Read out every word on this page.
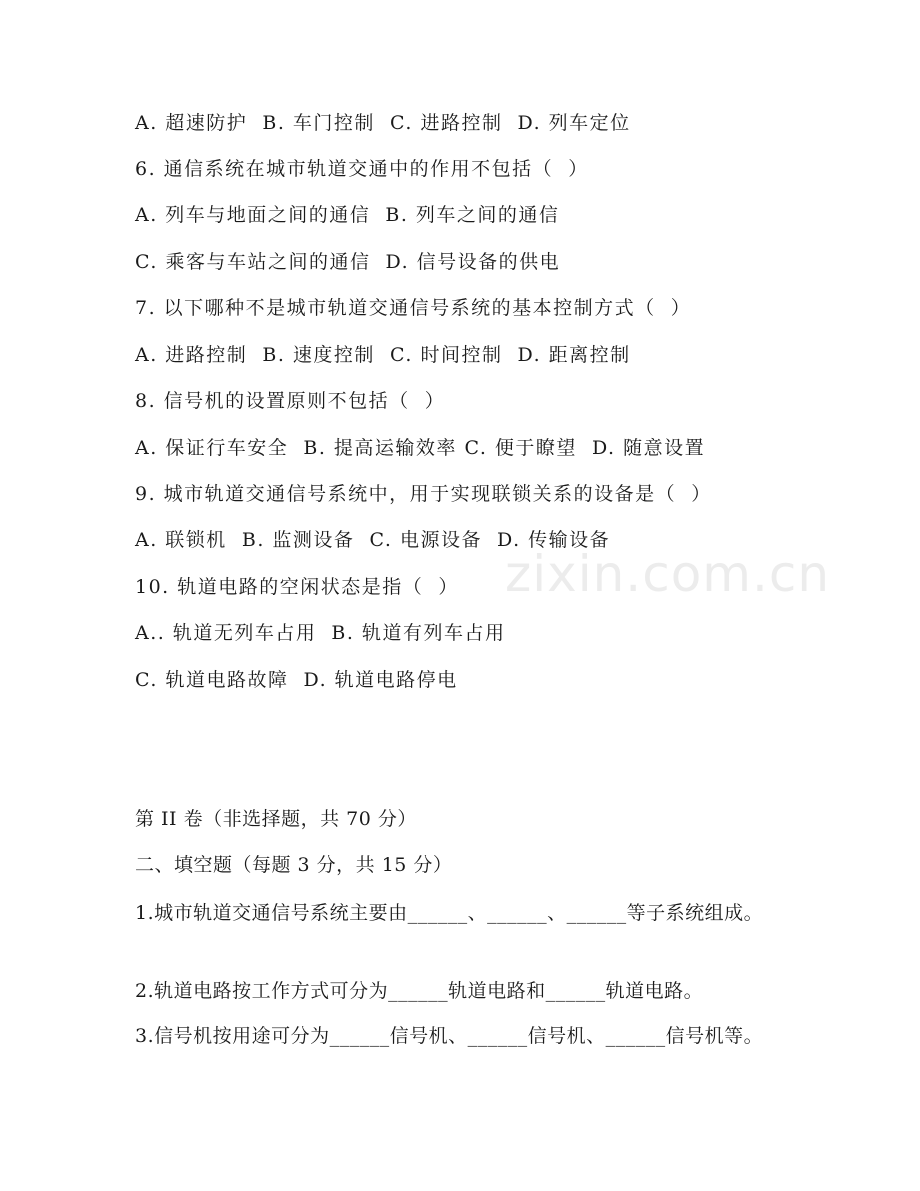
A. 超速防护  B. 车门控制  C. 进路控制  D. 列车定位
6. 通信系统在城市轨道交通中的作用不包括（  ）
A. 列车与地面之间的通信  B. 列车之间的通信
C. 乘客与车站之间的通信  D. 信号设备的供电
7. 以下哪种不是城市轨道交通信号系统的基本控制方式（  ）
A. 进路控制  B. 速度控制  C. 时间控制  D. 距离控制
8. 信号机的设置原则不包括（  ）
A. 保证行车安全  B. 提高运输效率 C. 便于瞭望  D. 随意设置
9. 城市轨道交通信号系统中，用于实现联锁关系的设备是（  ）
A. 联锁机  B. 监测设备  C. 电源设备  D. 传输设备
10. 轨道电路的空闲状态是指（  ）
A.. 轨道无列车占用  B. 轨道有列车占用
C. 轨道电路故障  D. 轨道电路停电
第 II 卷（非选择题，共 70 分）
二、填空题（每题 3 分，共 15 分）
1.城市轨道交通信号系统主要由______、______、______等子系统组成。
2.轨道电路按工作方式可分为______轨道电路和______轨道电路。
3.信号机按用途可分为______信号机、______信号机、______信号机等。
zixin.com.cn
